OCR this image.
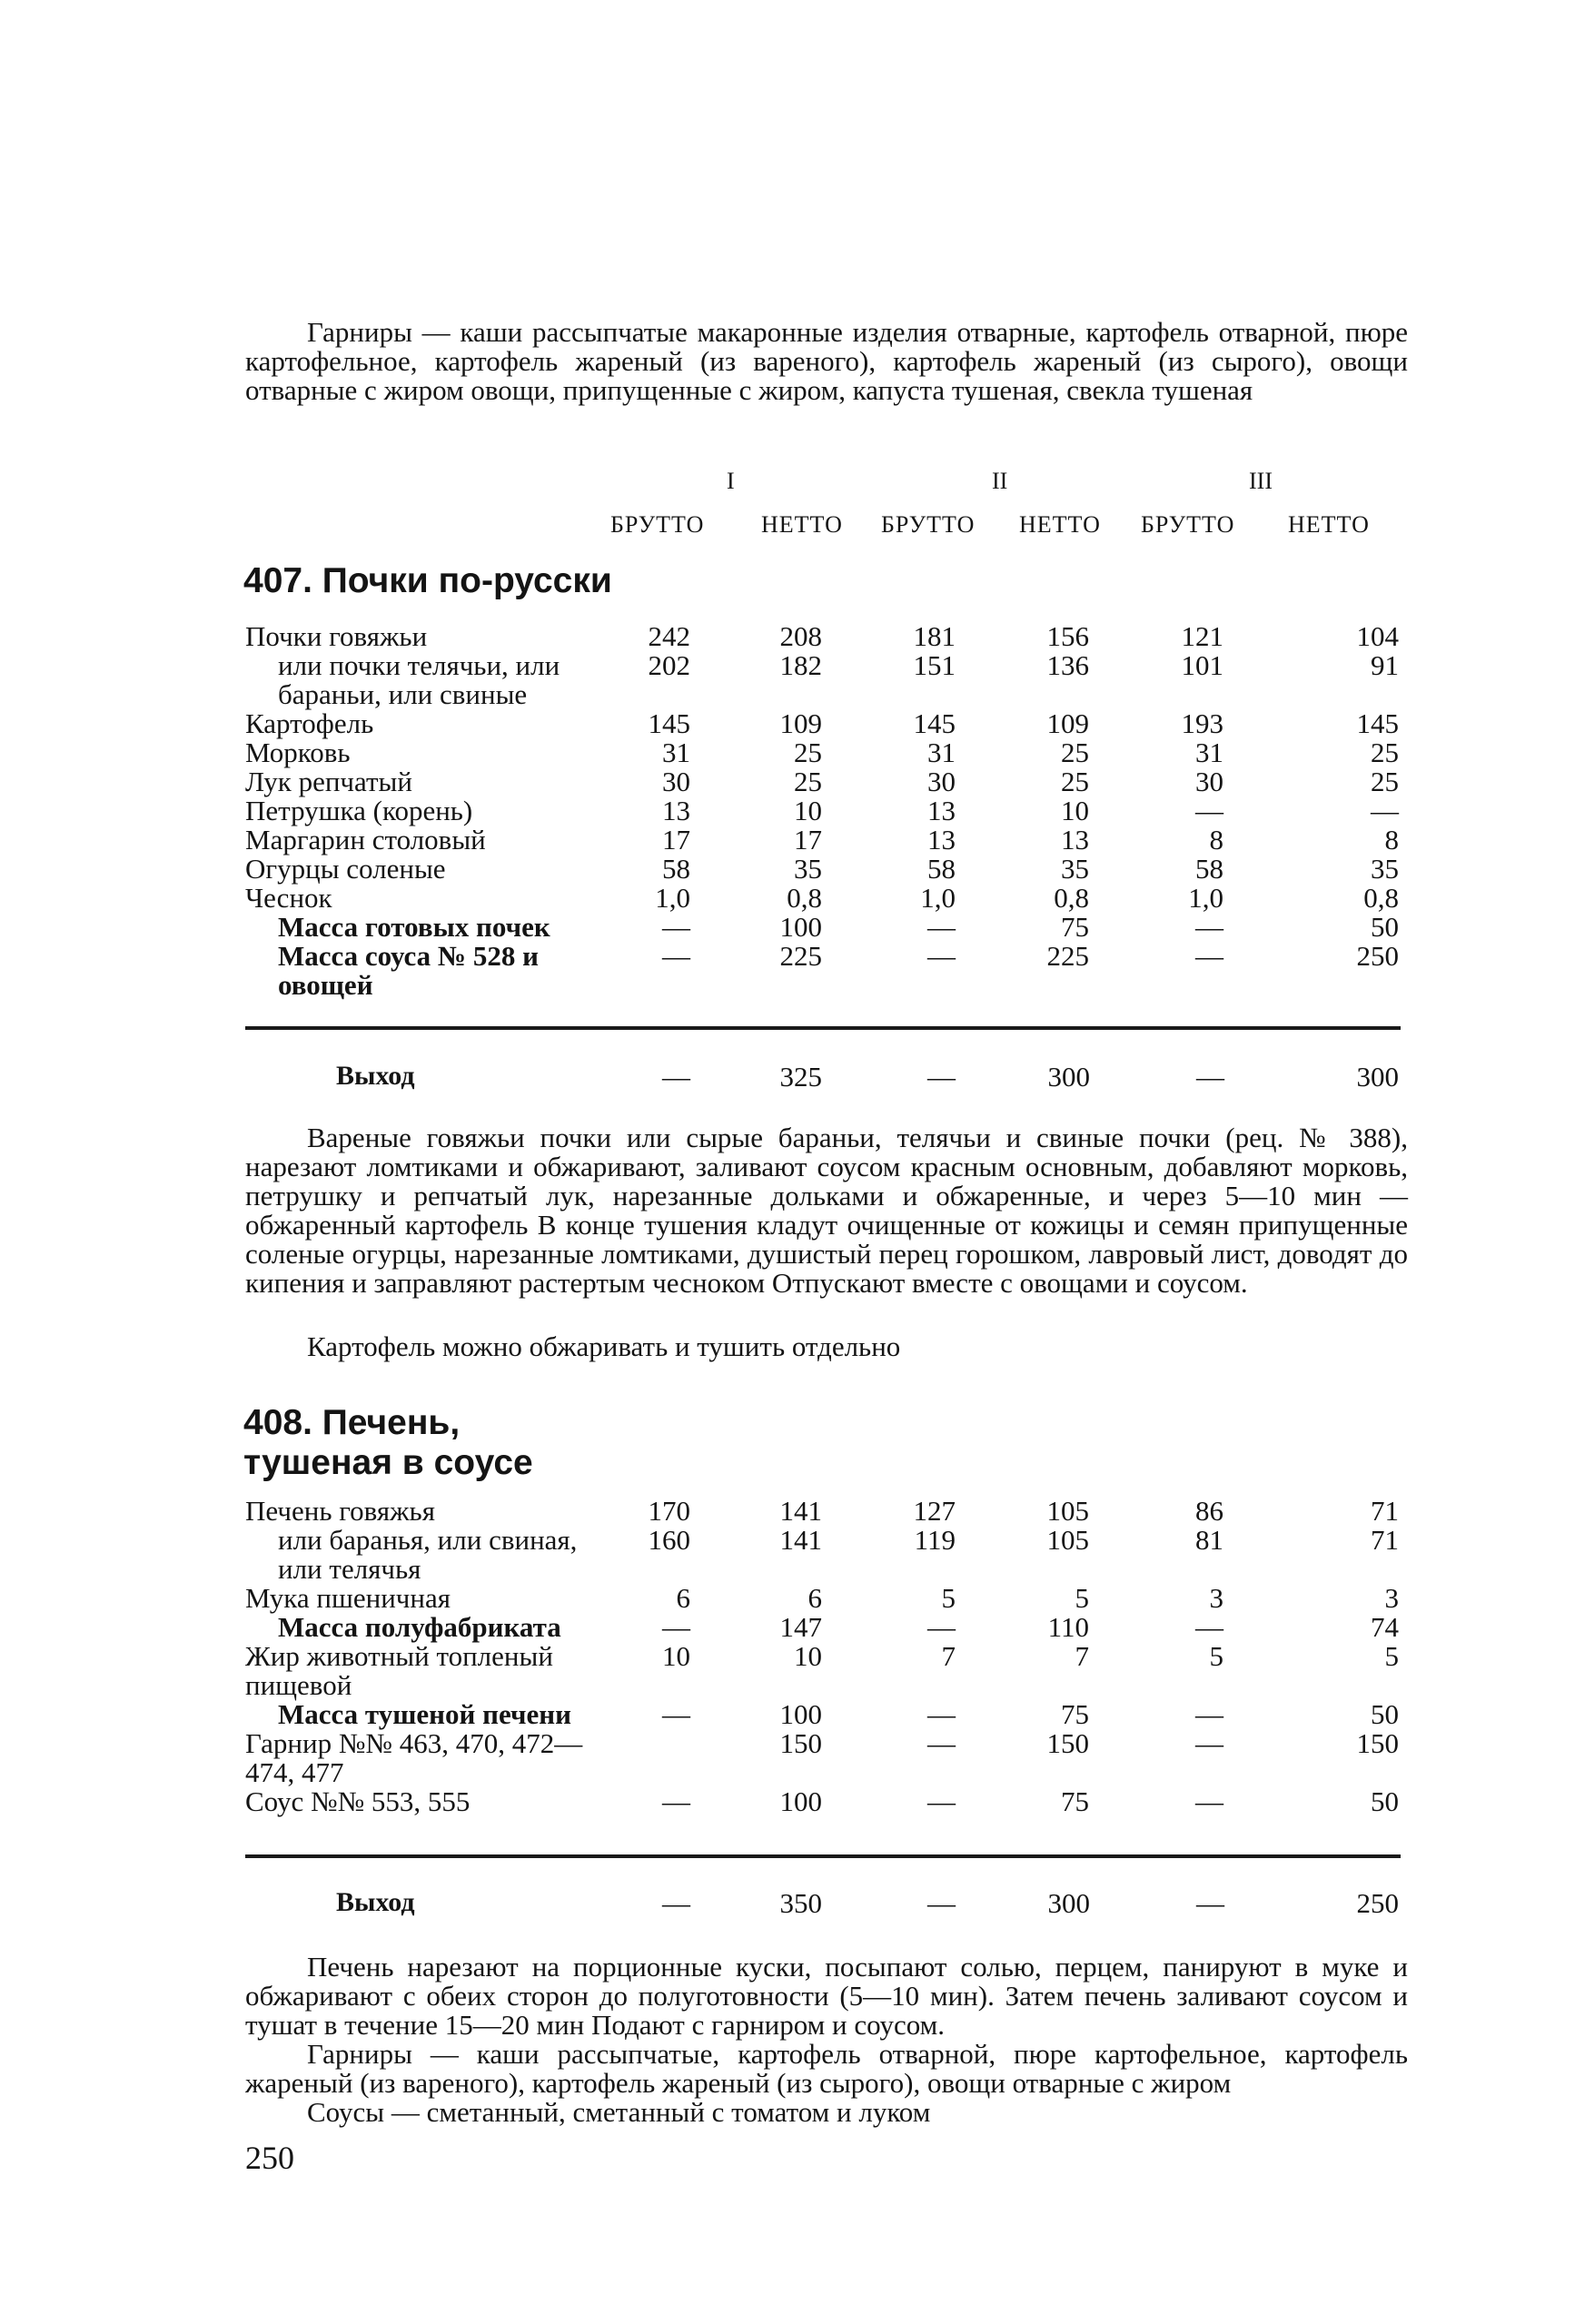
Гарниры — каши рассыпчатые макаронные изделия отварные, картофель отварной, пюре картофельное, картофель жареный (из вареного), картофель жареный (из сырого), овощи отварные с жиром овощи, припущенные с жиром, капуста тушеная, свекла тушеная

I	II	III
БРУТТО НЕТТО БРУТТО НЕТТО БРУТТО НЕТТО
407. Почки по-русски
Почки говяжьи	242	208	181	156	121	104
или почки телячьи, или бараньи, или свиные	202	182	151	136	101	91
Картофель	145	109	145	109	193	145
Морковь	31	25	31	25	31	25
Лук репчатый	30	25	30	25	30	25
Петрушка (корень)	13	10	13	10	—	—
Маргарин столовый	17	17	13	13	8	8
Огурцы соленые	58	35	58	35	58	35
Чеснок	1,0	0,8	1,0	0,8	1,0	0,8
Масса готовых почек	—	100	—	75	—	50
Масса соуса № 528 и овощей	—	225	—	225	—	250
Выход	—	325	—	300	—	300

Вареные говяжьи почки или сырые бараньи, телячьи и свиные почки (рец. № 388), нарезают ломтиками и обжаривают, заливают соусом красным основным, добавляют морковь, петрушку и репчатый лук, нарезанные дольками и обжаренные, и через 5—10 мин — обжаренный картофель В конце тушения кладут очищенные от кожицы и семян припущенные соленые огурцы, нарезанные ломтиками, душистый перец горошком, лавровый лист, доводят до кипения и заправляют растертым чесноком Отпускают вместе с овощами и соусом.

Картофель можно обжаривать и тушить отдельно

408. Печень, тушеная в соусе
Печень говяжья	170	141	127	105	86	71
или баранья, или свиная, или телячья	160	141	119	105	81	71
Мука пшеничная	6	6	5	5	3	3
Масса полуфабриката	—	147	—	110	—	74
Жир животный топленый пищевой	10	10	7	7	5	5
Масса тушеной печени	—	100	—	75	—	50
Гарнир №№ 463, 470, 472—474, 477		150	—	150	—	150
Соус №№ 553, 555	—	100	—	75	—	50
Выход	—	350	—	300	—	250

Печень нарезают на порционные куски, посыпают солью, перцем, панируют в муке и обжаривают с обеих сторон до полуготовности (5—10 мин). Затем печень заливают соусом и тушат в течение 15—20 мин Подают с гарниром и соусом.

Гарниры — каши рассыпчатые, картофель отварной, пюре картофельное, картофель жареный (из вареного), картофель жареный (из сырого), овощи отварные с жиром

Соусы — сметанный, сметанный с томатом и луком

250
